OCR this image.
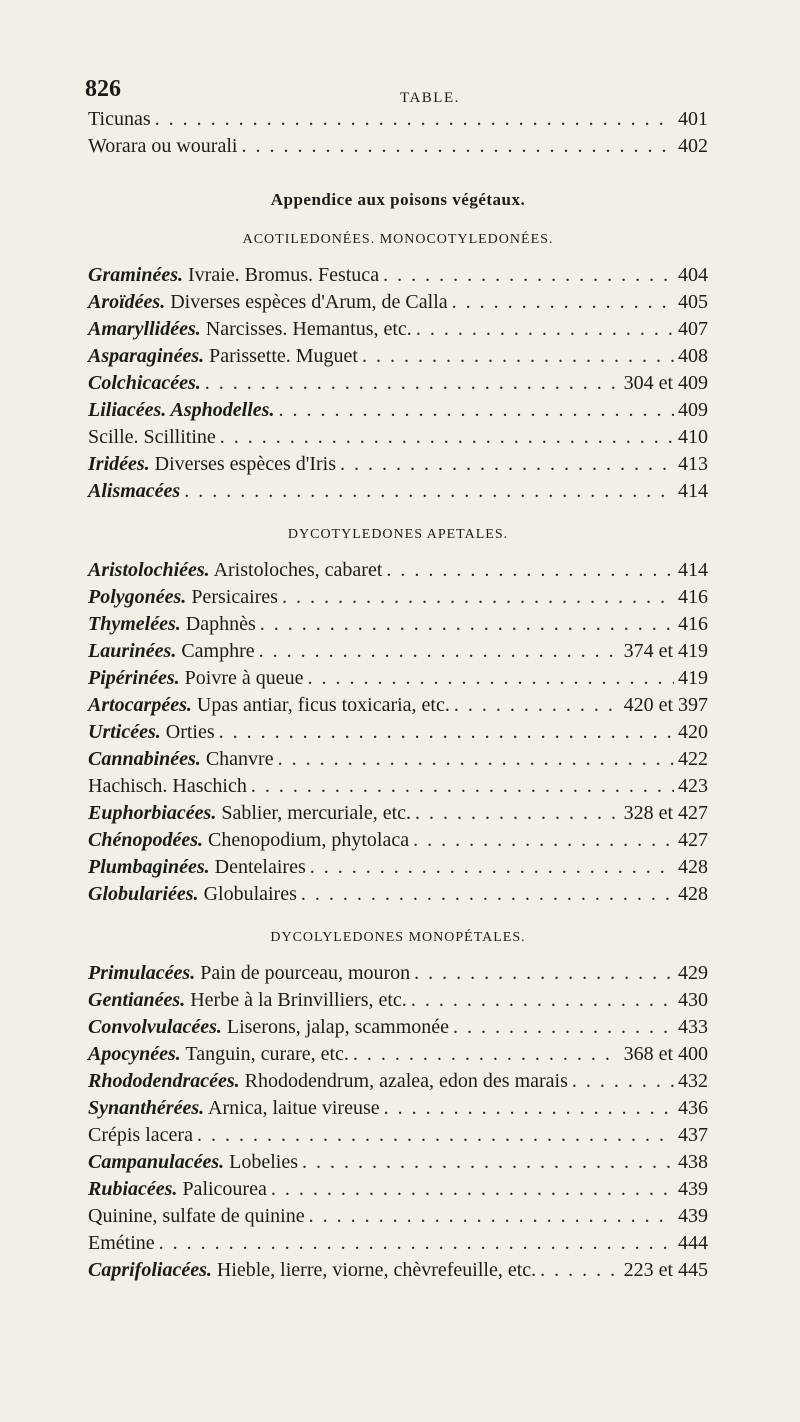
826	TABLE.
Ticunas . . .	401
Worara ou wourali . . .	402
Appendice aux poisons végétaux.
ACOTILEDONÉES. MONOCOTYLEDONÉES.
Graminées. Ivraie. Bromus. Festuca . . .	404
Aroïdées. Diverses espèces d'Arum, de Calla . . .	405
Amaryllidées. Narcisses. Hemantus, etc. . . .	407
Asparaginées. Parissette. Muguet . . .	408
Colchicacées. . . .	304 et 409
Liliacées. Asphodelles. . . .	409
Scille. Scillitine . . .	410
Iridées. Diverses espèces d'Iris . . .	413
Alismacées . . .	414
DYCOTYLEDONES APETALES.
Aristolochiées. Aristoloches, cabaret . . .	414
Polygonées. Persicaires . . .	416
Thymelées. Daphnès . . .	416
Laurinées. Camphre . . .	374 et 419
Pipérinées. Poivre à queue . . .	419
Artocarpées. Upas antiar, ficus toxicaria, etc. . . .	420 et 397
Urticées. Orties . . .	420
Cannabinées. Chanvre . . .	422
Hachisch. Haschich . . .	423
Euphorbiacées. Sablier, mercuriale, etc. . . .	328 et 427
Chénopodées. Chenopodium, phytolaca . . .	427
Plumbaginées. Dentelaires . . .	428
Globulariées. Globulaires . . .	428
DYCOLYLEDONES MONOPÉTALES.
Primulacées. Pain de pourceau, mouron . . .	429
Gentianées. Herbe à la Brinvilliers, etc. . . .	430
Convolvulacées. Liserons, jalap, scammonée . . .	433
Apocynées. Tanguin, curare, etc. . . .	368 et 400
Rhododendracées. Rhododendrum, azalea, edon des marais . . .	432
Synanthérées. Arnica, laitue vireuse . . .	436
Crépis lacera . . .	437
Campanulacées. Lobelies . . .	438
Rubiacées. Palicourea . . .	439
Quinine, sulfate de quinine . . .	439
Emétine . . .	444
Caprifoliacées. Hieble, lierre, viorne, chèvrefeuille, etc. . . .	223 et 445
